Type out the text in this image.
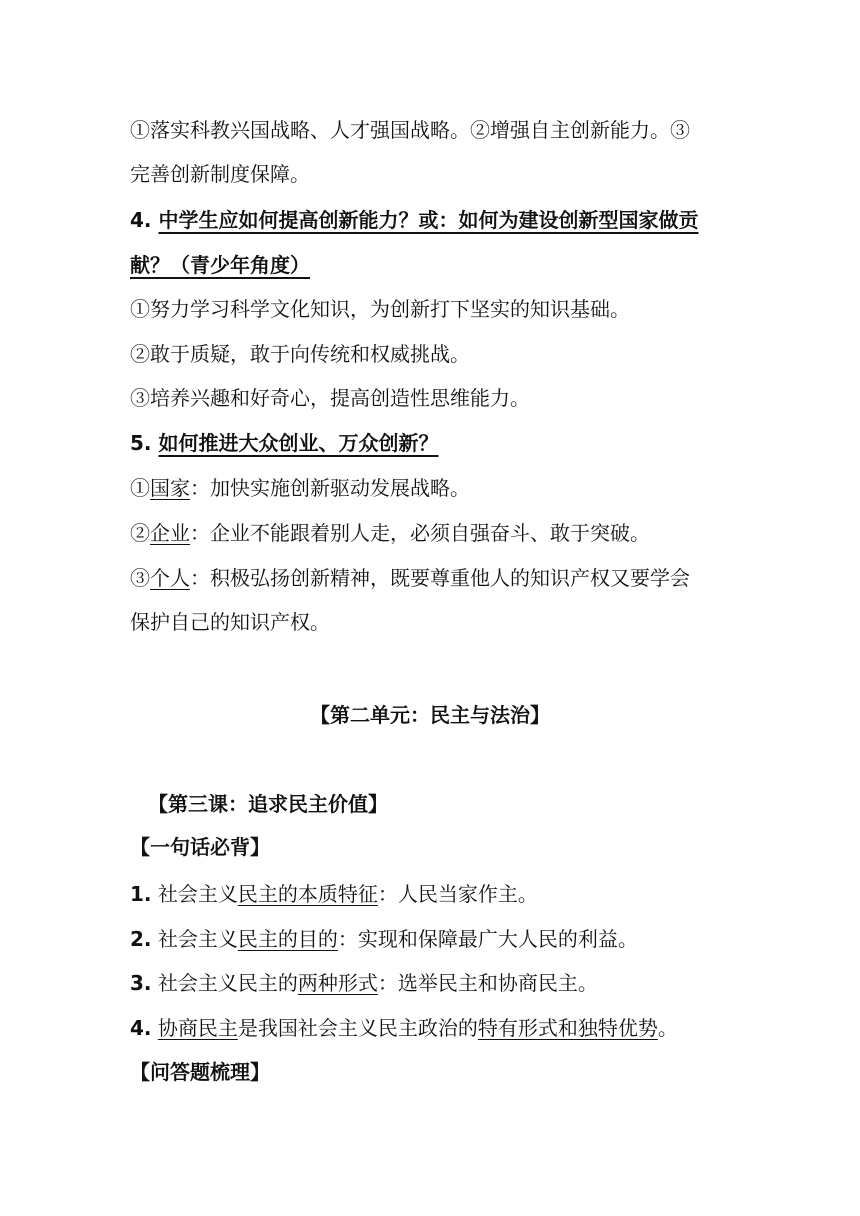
①落实科教兴国战略、人才强国战略。②增强自主创新能力。③
完善创新制度保障。
4. 中学生应如何提高创新能力？或：如何为建设创新型国家做贡
献？（青少年角度）
①努力学习科学文化知识，为创新打下坚实的知识基础。
②敢于质疑，敢于向传统和权威挑战。
③培养兴趣和好奇心，提高创造性思维能力。
5. 如何推进大众创业、万众创新？
①国家：加快实施创新驱动发展战略。
②企业：企业不能跟着别人走，必须自强奋斗、敢于突破。
③个人：积极弘扬创新精神，既要尊重他人的知识产权又要学会
保护自己的知识产权。
【第二单元：民主与法治】
【第三课：追求民主价值】
【一句话必背】
1. 社会主义民主的本质特征：人民当家作主。
2. 社会主义民主的目的：实现和保障最广大人民的利益。
3. 社会主义民主的两种形式：选举民主和协商民主。
4. 协商民主是我国社会主义民主政治的特有形式和独特优势。
【问答题梳理】
